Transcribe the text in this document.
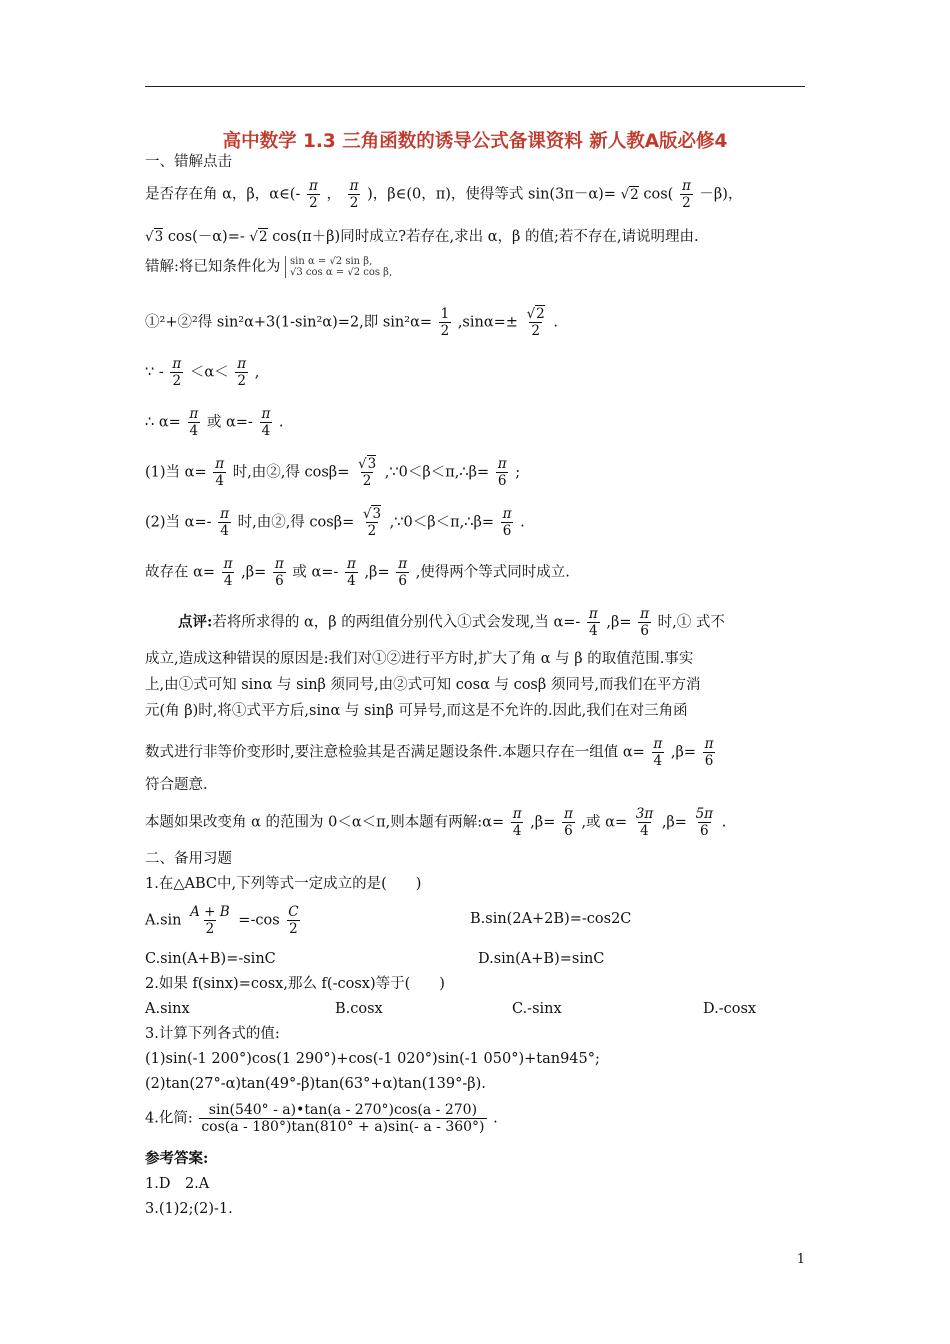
高中数学 1.3 三角函数的诱导公式备课资料 新人教A版必修4
一、错解点击
是否存在角 α，β，α∈(- $\frac{\pi}{2}$ ， $\frac{\pi}{2}$ )，β∈(0，π)，使得等式 sin(3π－α)= √2 $\cos( \frac{\pi}{2} -\beta)$，
√3 cos(－α)=- √2 cos(π＋β)同时成立?若存在,求出 α，β 的值;若不存在,请说明理由.
错解:将已知条件化为 sin α = √2 sin β,
√3 cos α = √2 cos β,
①²+②²得 sin²α+3(1-sin²α)=2,即 $\sin^2\alpha= \frac{1}{2} ,\sin\alpha=\pm \frac{√2}{2}$ .
∵ - $\frac{\pi}{2} <\alpha< \frac{\pi}{2}$ ,
∴ $\alpha= \frac{\pi}{4}$ 或 $\alpha=- \frac{\pi}{4}$ .
(1)当 $\alpha= \frac{\pi}{4}$ 时,由②,得 $\cos\beta= \frac{√3}{2}$ ,∵0＜β＜π,∴β= $\frac{\pi}{6}$ ;
(2)当 $\alpha=- \frac{\pi}{4}$ 时,由②,得 $\cos\beta= \frac{√3}{2}$ ,∵0＜β＜π,∴β= $\frac{\pi}{6}$ .
故存在 $\alpha= \frac{\pi}{4} ,\beta= \frac{\pi}{6}$ 或 $\alpha=- \frac{\pi}{4} ,\beta= \frac{\pi}{6}$ ,使得两个等式同时成立.
点评:若将所求得的 α，β 的两组值分别代入①式会发现,当 $\alpha=- \frac{\pi}{4} ,\beta= \frac{\pi}{6}$ 时,① 式不
成立,造成这种错误的原因是:我们对①②进行平方时,扩大了角 α 与 β 的取值范围.事实
上,由①式可知 sinα 与 sinβ 须同号,由②式可知 cosα 与 cosβ 须同号,而我们在平方消
元(角 β)时,将①式平方后,sinα 与 sinβ 可异号,而这是不允许的.因此,我们在对三角函
数式进行非等价变形时,要注意检验其是否满足题设条件.本题只存在一组值 $\alpha= \frac{\pi}{4} ,\beta= \frac{\pi}{6}$
符合题意.
本题如果改变角 α 的范围为 0＜α＜π,则本题有两解:α= $\frac{\pi}{4} ,\beta= \frac{\pi}{6}$ ,或 $\alpha= \frac{3\pi}{4} ,\beta= \frac{5\pi}{6}$ .
二、备用习题
1.在△ABC中,下列等式一定成立的是(　　)
$A.\sin \frac{A + B}{2} =-\cos \frac{C}{2}$	B.sin(2A+2B)=-cos2C
C.sin(A+B)=-sinC	D.sin(A+B)=sinC
2.如果 f(sinx)=cosx,那么 f(-cosx)等于(　　)
A.sinx	B.cosx	C.-sinx	D.-cosx
3.计算下列各式的值:
(1)sin(-1 200°)cos(1 290°)+cos(-1 020°)sin(-1 050°)+tan945°;
(2)tan(27°-α)tan(49°-β)tan(63°+α)tan(139°-β).
4.化简: $\frac{\sin(540^\circ - a)•\tan(a - 270^\circ)\cos(a - 270)}{\cos(a - 180^\circ)\tan(810^\circ + a)\sin(- a - 360^\circ)}$ .
参考答案:
1.D　2.A
3.(1)2;(2)-1.
1
